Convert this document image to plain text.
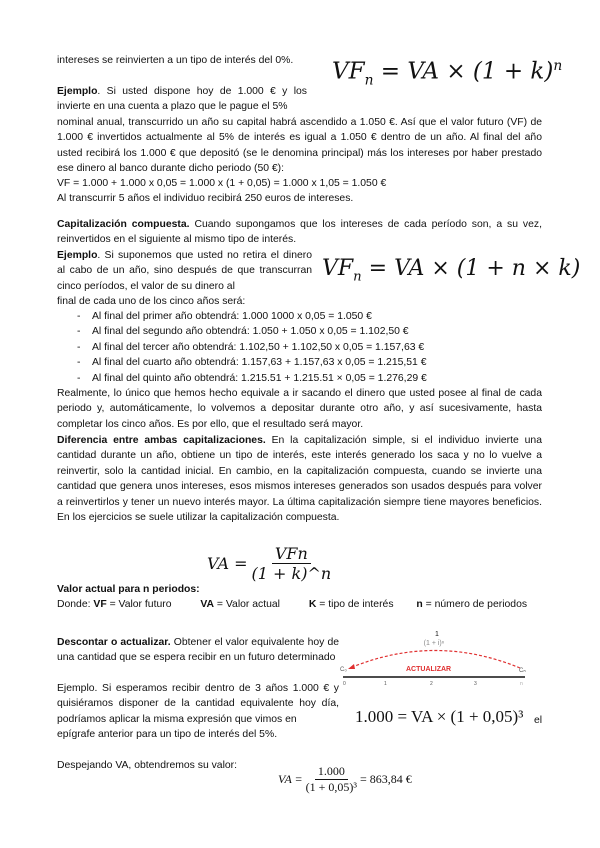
intereses se reinvierten a un tipo de interés del 0%.	$VF_n$ = VA × $(1 + k)^n$
Ejemplo. Si usted dispone hoy de 1.000 € y los invierte en una cuenta a plazo que le pague el 5%
nominal anual, transcurrido un año su capital habrá ascendido a 1.050 €. Así que el valor futuro (VF) de 1.000 € invertidos actualmente al 5% de interés es igual a 1.050 € dentro de un año. Al final del año usted recibirá los 1.000 € que depositó (se le denomina principal) más los intereses por haber prestado ese dinero al banco durante dicho periodo (50 €):
VF = 1.000 + 1.000 x 0,05 = 1.000 x (1 + 0,05) = 1.000 x 1,05 = 1.050 €
Al transcurrir 5 años el individuo recibirá 250 euros de intereses.
Capitalización compuesta. Cuando supongamos que los intereses de cada período son, a su vez, reinvertidos en el siguiente al mismo tipo de interés.
Ejemplo. Si suponemos que usted no retira el dinero al cabo de un año, sino después de que transcurran cinco períodos, el valor de su dinero al
$VF_n$ = VA × (1 + n × k)
final de cada uno de los cinco años será:
- Al final del primer año obtendrá: 1.000 1000 x 0,05 = 1.050 €
- Al final del segundo año obtendrá: 1.050 + 1.050 x 0,05 = 1.102,50 €
- Al final del tercer año obtendrá: 1.102,50 + 1.102,50 x 0,05 = 1.157,63 €
- Al final del cuarto año obtendrá: 1.157,63 + 1.157,63 x 0,05 = 1.215,51 €
- Al final del quinto año obtendrá: 1.215.51 + 1.215.51 × 0,05 = 1.276,29 €
Realmente, lo único que hemos hecho equivale a ir sacando el dinero que usted posee al final de cada periodo y, automáticamente, lo volvemos a depositar durante otro año, y así sucesivamente, hasta completar los cinco años. Es por ello, que el resultado será mayor.
Diferencia entre ambas capitalizaciones. En la capitalización simple, si el individuo invierte una cantidad durante un año, obtiene un tipo de interés, este interés generado los saca y no lo vuelve a reinvertir, solo la cantidad inicial. En cambio, en la capitalización compuesta, cuando se invierte una cantidad que genera unos intereses, esos mismos intereses generados son usados después para volver a reinvertirlos y tener un nuevo interés mayor. La última capitalización siempre tiene mayores beneficios. En los ejercicios se suele utilizar la capitalización compuesta.
VA = $\frac{\text{VFn}}{(1 + k)\^{}n}$
Valor actual para n periodos:
Donde: VF = Valor futuro	VA = Valor actual	K = tipo de interés n = número de periodos
Descontar o actualizar. Obtener el valor equivalente hoy de una cantidad que se espera recibir en un futuro determinado
Ejemplo. Si esperamos recibir dentro de 3 años 1.000 € y quisiéramos disponer de la cantidad equivalente hoy día, podríamos aplicar la misma expresión que vimos en
epígrafe anterior para un tipo de interés del 5%.
1
(1 + i)ⁿ
ACTUALIZAR
C₀	Cₙ
0	1	2	3	n
1.000 = VA × (1 + 0,05)³ el
Despejando VA, obtendremos su valor:
VA = $\frac{1.000}{\text{(1 + 0,05)³}} = 863,84$ €
